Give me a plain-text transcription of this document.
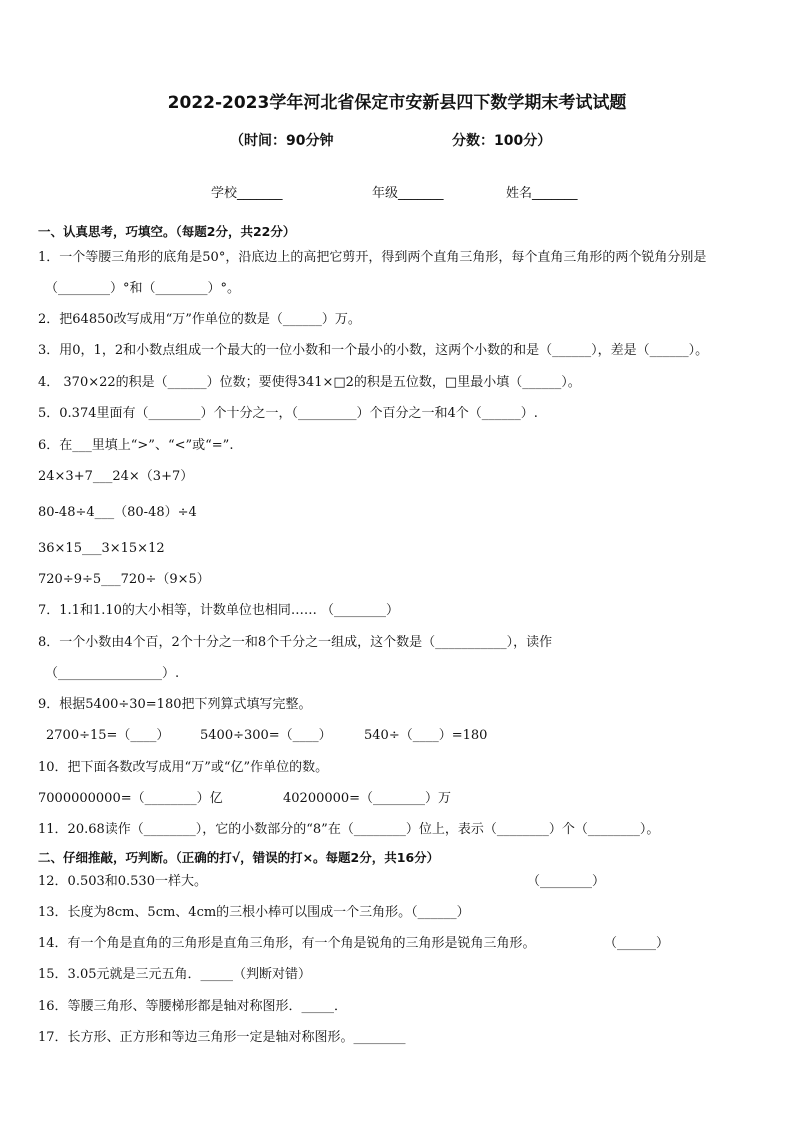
2022-2023学年河北省保定市安新县四下数学期末考试试题
（时间：90分钟	分数：100分）
学校_______	年级_______	姓名_______
一、认真思考，巧填空。（每题2分，共22分）
1．一个等腰三角形的底角是50°，沿底边上的高把它剪开，得到两个直角三角形，每个直角三角形的两个锐角分别是
（________）°和（________）°。
2．把64850改写成用“万”作单位的数是（______）万。
3．用0，1，2和小数点组成一个最大的一位小数和一个最小的小数，这两个小数的和是（______），差是（______）。
4． 370×22的积是（______）位数；要使得341×□2的积是五位数，□里最小填（______）。
5．0.374里面有（________）个十分之一，（_________）个百分之一和4个（______）.
6．在___里填上“>”、“<”或“=”.
24×3+7___24×（3+7）
80-48÷4___（80-48）÷4
36×15___3×15×12
720÷9÷5___720÷（9×5）
7．1.1和1.10的大小相等，计数单位也相同…… （________）
8．一个小数由4个百，2个十分之一和8个千分之一组成，这个数是（___________），读作
（________________）.
9．根据5400÷30=180把下列算式填写完整。
2700÷15=（____） 5400÷300=（____） 540÷（____）=180
10．把下面各数改写成用“万”或“亿”作单位的数。
7000000000=（________）亿	40200000=（________）万
11．20.68读作（________），它的小数部分的“8”在（________）位上，表示（________）个（________）。
二、仔细推敲，巧判断。（正确的打√，错误的打×。每题2分，共16分）
12．0.503和0.530一样大。	（________）
13．长度为8cm、5cm、4cm的三根小棒可以围成一个三角形。（______）
14．有一个角是直角的三角形是直角三角形，有一个角是锐角的三角形是锐角三角形。	（______）
15．3.05元就是三元五角．_____（判断对错）
16．等腰三角形、等腰梯形都是轴对称图形．_____．
17．长方形、正方形和等边三角形一定是轴对称图形。________
